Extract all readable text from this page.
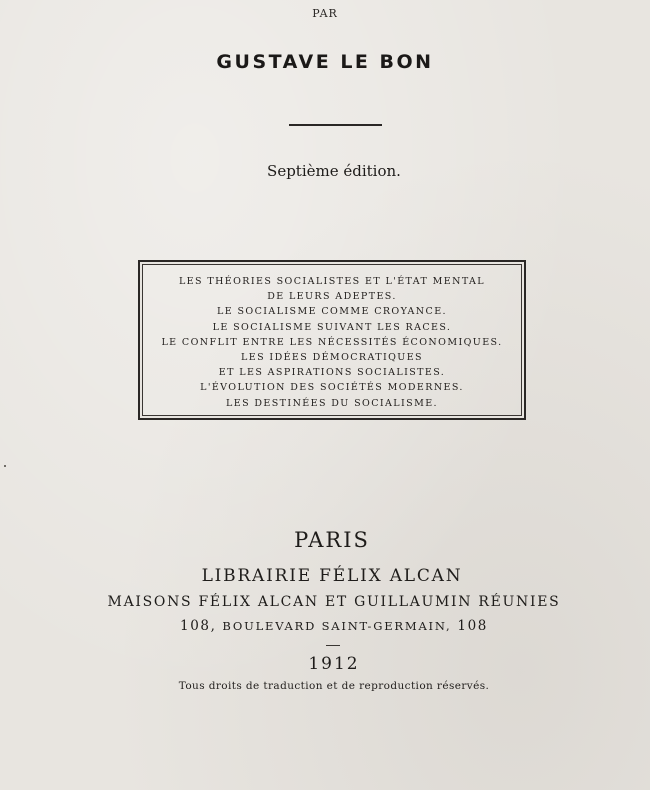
PAR
GUSTAVE LE BON
Septième édition.
LES THÉORIES SOCIALISTES ET L'ÉTAT MENTAL
DE LEURS ADEPTES.
LE SOCIALISME COMME CROYANCE.
LE SOCIALISME SUIVANT LES RACES.
LE CONFLIT ENTRE LES NÉCESSITÉS ÉCONOMIQUES.
LES IDÉES DÉMOCRATIQUES
ET LES ASPIRATIONS SOCIALISTES.
L'ÉVOLUTION DES SOCIÉTÉS MODERNES.
LES DESTINÉES DU SOCIALISME.
PARIS
LIBRAIRIE FÉLIX ALCAN
MAISONS FÉLIX ALCAN ET GUILLAUMIN RÉUNIES
108, BOULEVARD SAINT-GERMAIN, 108
1912
Tous droits de traduction et de reproduction réservés.
